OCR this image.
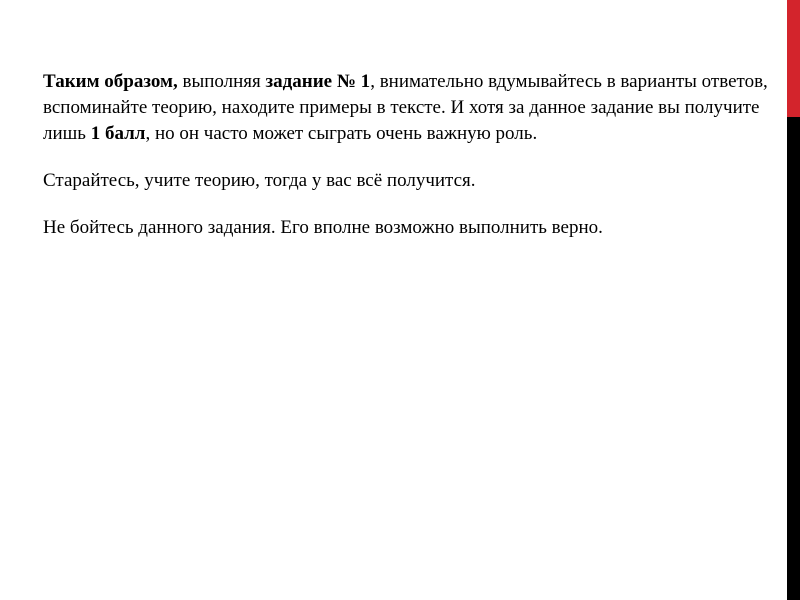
Таким образом, выполняя задание № 1, внимательно вдумывайтесь в варианты ответов, вспоминайте теорию, находите примеры в тексте. И хотя за данное задание вы получите лишь 1 балл, но он часто может сыграть очень важную роль.

Старайтесь, учите теорию, тогда у вас всё получится.

Не бойтесь данного задания. Его вполне возможно выполнить верно.
